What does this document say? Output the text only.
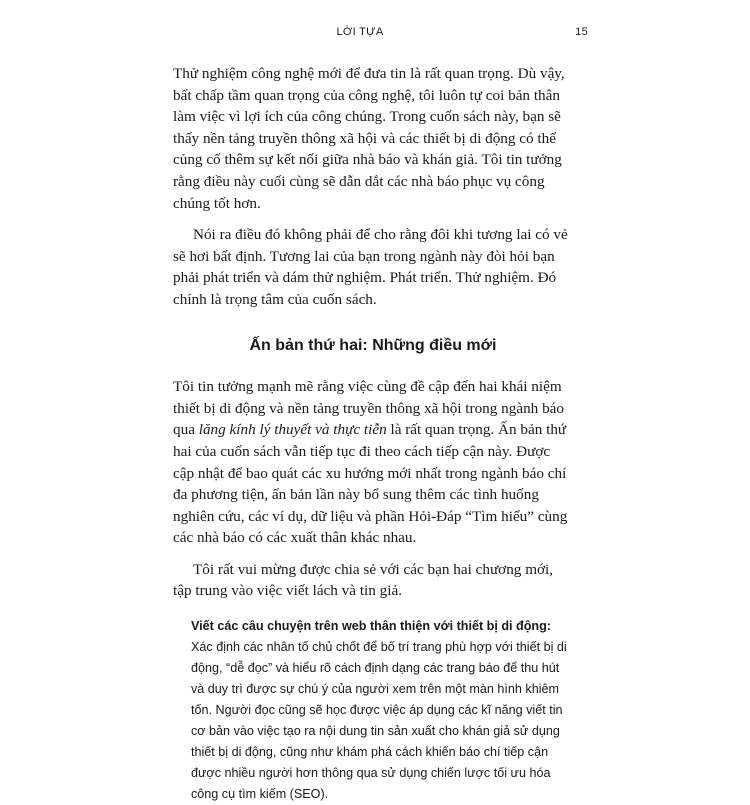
LỜI TỰA	15

Thử nghiệm công nghệ mới để đưa tin là rất quan trọng. Dù vậy, bất chấp tầm quan trọng của công nghệ, tôi luôn tự coi bản thân làm việc vì lợi ích của công chúng. Trong cuốn sách này, bạn sẽ thấy nền tảng truyền thông xã hội và các thiết bị di động có thể củng cố thêm sự kết nối giữa nhà báo và khán giả. Tôi tin tưởng rằng điều này cuối cùng sẽ dẫn dắt các nhà báo phục vụ công chúng tốt hơn.

Nói ra điều đó không phải để cho rằng đôi khi tương lai có vẻ sẽ hơi bất định. Tương lai của bạn trong ngành này đòi hỏi bạn phải phát triển và dám thử nghiệm. Phát triển. Thử nghiệm. Đó chính là trọng tâm của cuốn sách.

Ấn bản thứ hai: Những điều mới

Tôi tin tưởng mạnh mẽ rằng việc cùng đề cập đến hai khái niệm thiết bị di động và nền tảng truyền thông xã hội trong ngành báo qua lăng kính lý thuyết và thực tiễn là rất quan trọng. Ấn bản thứ hai của cuốn sách vẫn tiếp tục đi theo cách tiếp cận này. Được cập nhật để bao quát các xu hướng mới nhất trong ngành báo chí đa phương tiện, ấn bản lần này bổ sung thêm các tình huống nghiên cứu, các ví dụ, dữ liệu và phần Hỏi-Đáp “Tìm hiểu” cùng các nhà báo có các xuất thân khác nhau.

Tôi rất vui mừng được chia sẻ với các bạn hai chương mới, tập trung vào việc viết lách và tin giả.

Viết các câu chuyện trên web thân thiện với thiết bị di động: Xác định các nhân tố chủ chốt để bố trí trang phù hợp với thiết bị di động, “dễ đọc” và hiểu rõ cách định dạng các trang báo để thu hút và duy trì được sự chú ý của người xem trên một màn hình khiêm tốn. Người đọc cũng sẽ học được việc áp dụng các kĩ năng viết tin cơ bản vào việc tạo ra nội dung tin sản xuất cho khán giả sử dụng thiết bị di động, cũng như khám phá cách khiến báo chí tiếp cận được nhiều người hơn thông qua sử dụng chiến lược tối ưu hóa công cụ tìm kiếm (SEO).
